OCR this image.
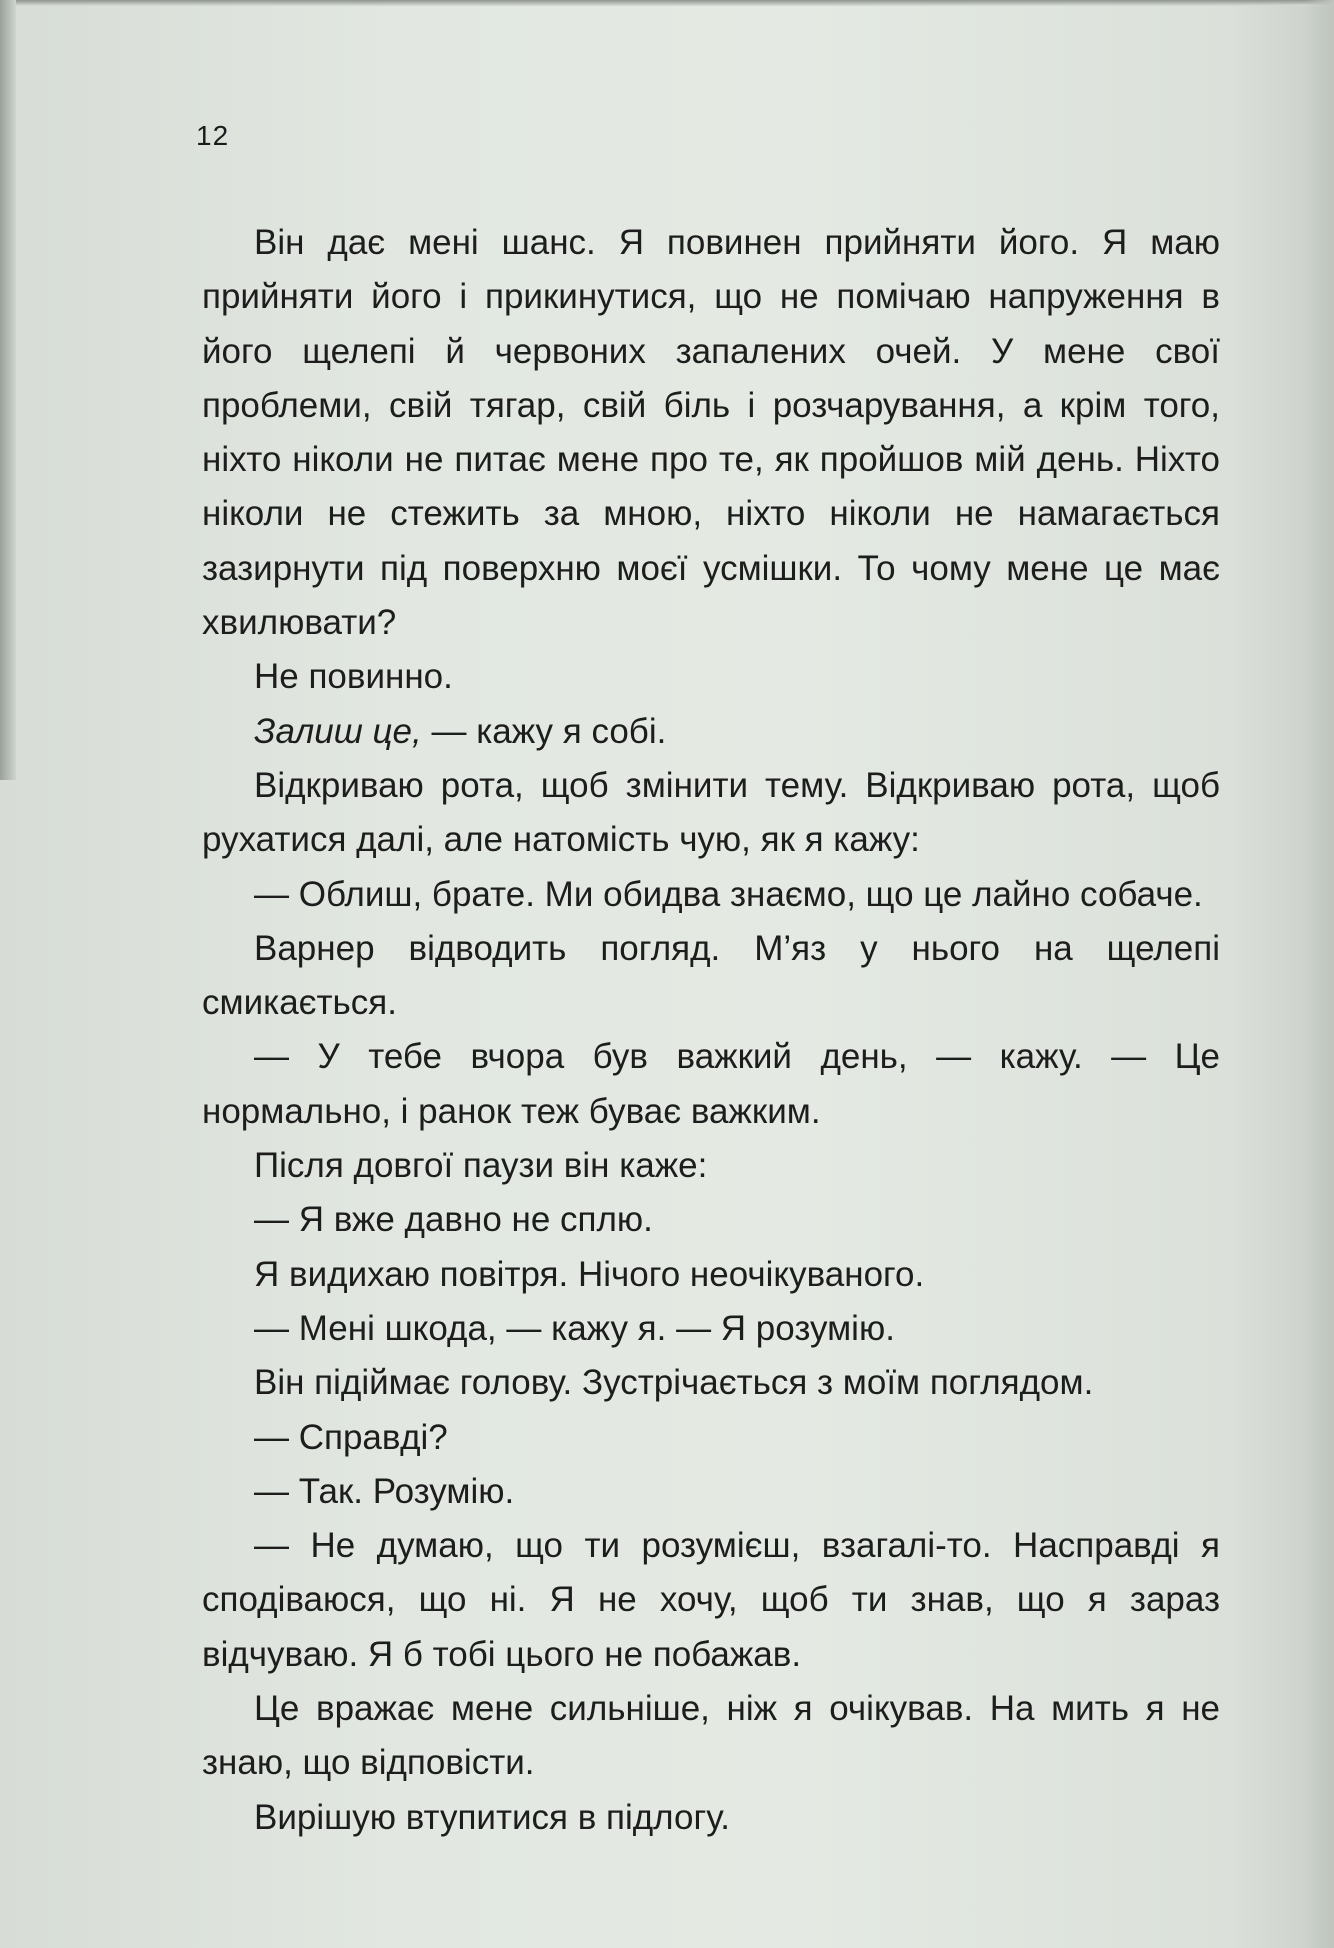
12

Він дає мені шанс. Я повинен прийняти його. Я маю прийняти його і прикинутися, що не помічаю напруження в його щелепі й червоних запалених очей. У мене свої проблеми, свій тягар, свій біль і розчарування, а крім того, ніхто ніколи не питає мене про те, як пройшов мій день. Ніхто ніколи не стежить за мною, ніхто ніколи не намагається зазирнути під поверхню моєї усмішки. То чому мене це має хвилювати?

Не повинно.

Залиш це, — кажу я собі.

Відкриваю рота, щоб змінити тему. Відкриваю рота, щоб рухатися далі, але натомість чую, як я кажу:

— Облиш, брате. Ми обидва знаємо, що це лайно собаче.

Варнер відводить погляд. М’яз у нього на щелепі смикається.

— У тебе вчора був важкий день, — кажу. — Це нормально, і ранок теж буває важким.

Після довгої паузи він каже:

— Я вже давно не сплю.

Я видихаю повітря. Нічого неочікуваного.

— Мені шкода, — кажу я. — Я розумію.

Він підіймає голову. Зустрічається з моїм поглядом.

— Справді?

— Так. Розумію.

— Не думаю, що ти розумієш, взагалі-то. Насправді я сподіваюся, що ні. Я не хочу, щоб ти знав, що я зараз відчуваю. Я б тобі цього не побажав.

Це вражає мене сильніше, ніж я очікував. На мить я не знаю, що відповісти.

Вирішую втупитися в підлогу.
